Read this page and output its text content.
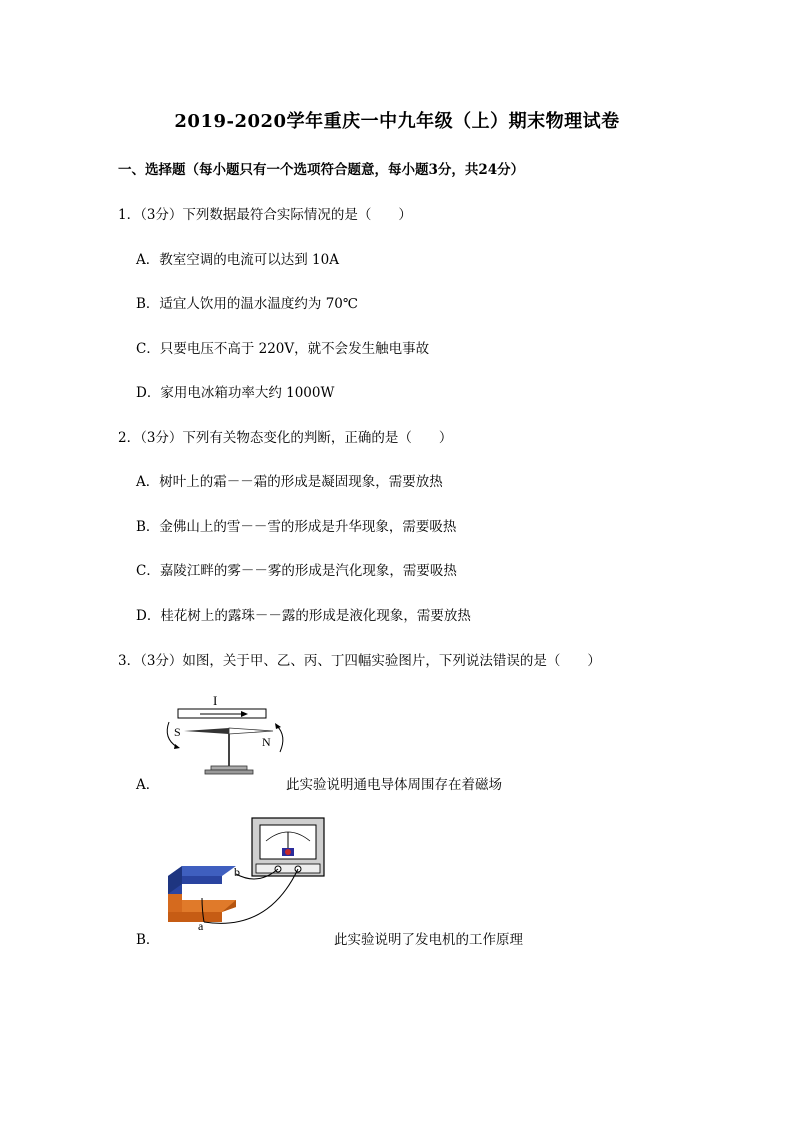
2019-2020学年重庆一中九年级（上）期末物理试卷
一、选择题（每小题只有一个选项符合题意，每小题3分，共24分）
1．（3分）下列数据最符合实际情况的是（　　）
A．教室空调的电流可以达到 10A
B．适宜人饮用的温水温度约为 70℃
C．只要电压不高于 220V，就不会发生触电事故
D．家用电冰箱功率大约 1000W
2．（3分）下列有关物态变化的判断，正确的是（　　）
A．树叶上的霜－－霜的形成是凝固现象，需要放热
B．金佛山上的雪－－雪的形成是升华现象，需要吸热
C．嘉陵江畔的雾－－雾的形成是汽化现象，需要吸热
D．桂花树上的露珠－－露的形成是液化现象，需要放热
3．（3分）如图，关于甲、乙、丙、丁四幅实验图片，下列说法错误的是（　　）
A．
I
S
N
此实验说明通电导体周围存在着磁场
B．
b
a
此实验说明了发电机的工作原理
